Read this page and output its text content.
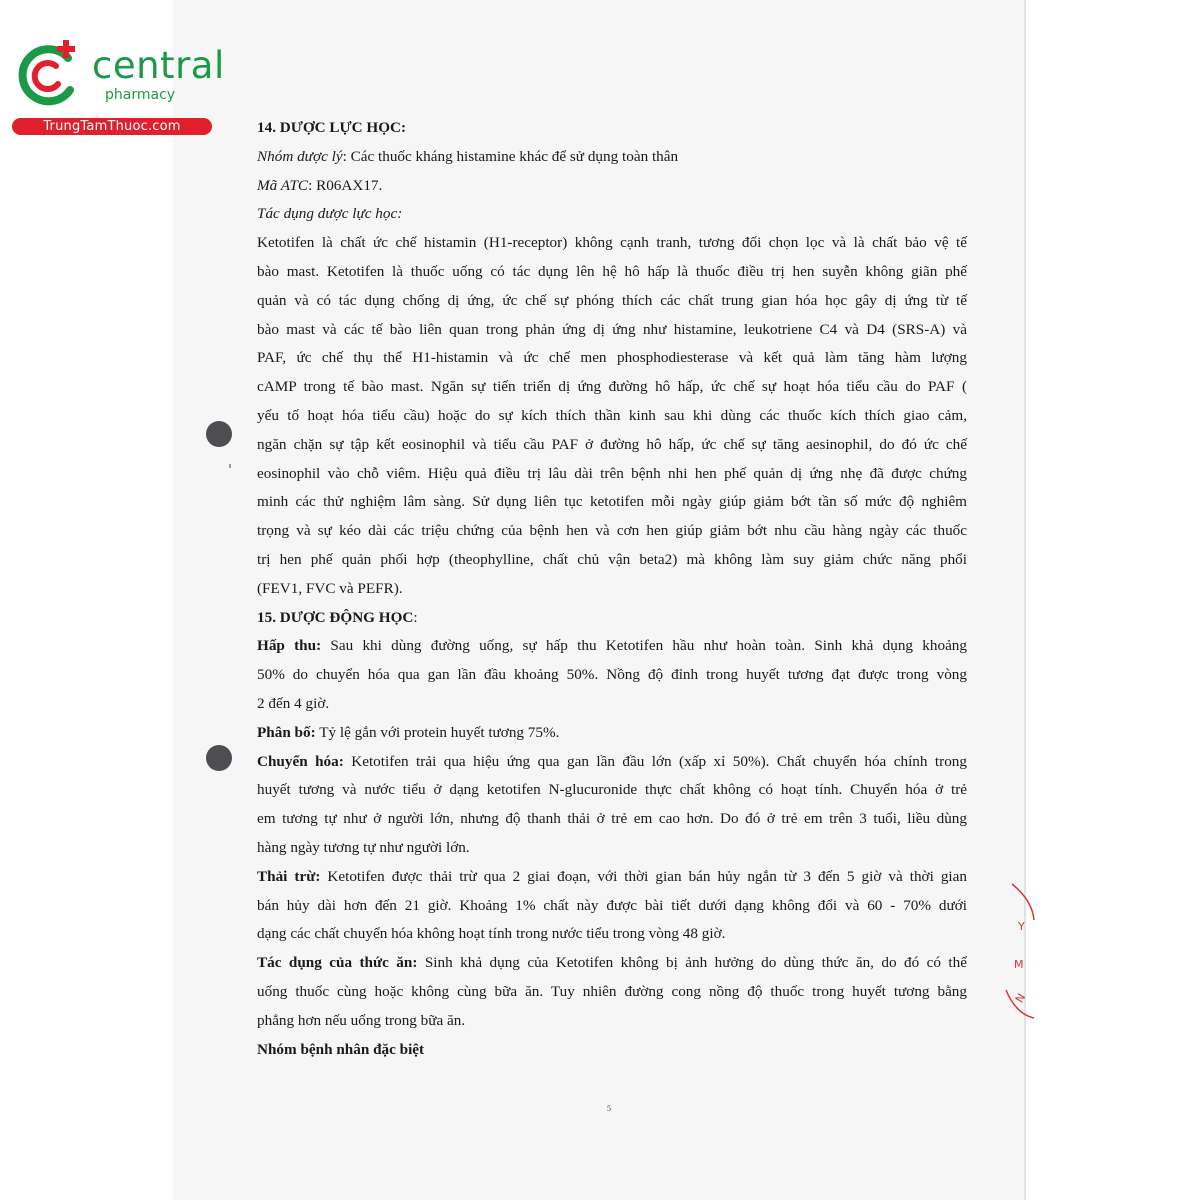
central
pharmacy
TrungTamThuoc.com	14. DƯỢC LỰC HỌC:

Nhóm dược lý: Các thuốc kháng histamine khác để sử dụng toàn thân

Mã ATC: R06AX17.

Tác dụng dược lực học:

Ketotifen là chất ức chế histamin (H1-receptor) không cạnh tranh, tương đối chọn lọc và là chất bảo vệ tế

bào mast. Ketotifen là thuốc uống có tác dụng lên hệ hô hấp là thuốc điều trị hen suyễn không giãn phế

quản và có tác dụng chống dị ứng, ức chế sự phóng thích các chất trung gian hóa học gây dị ứng từ tế

bào mast và các tế bào liên quan trong phản ứng dị ứng như histamine, leukotriene C4 và D4 (SRS-A) và

PAF, ức chế thụ thể H1-histamin và ức chế men phosphodiesterase và kết quả làm tăng hàm lượng

cAMP trong tế bào mast. Ngăn sự tiến triển dị ứng đường hô hấp, ức chế sự hoạt hóa tiểu cầu do PAF (

yếu tố hoạt hóa tiểu cầu) hoặc do sự kích thích thần kinh sau khi dùng các thuốc kích thích giao cảm,

ngăn chặn sự tập kết eosinophil và tiểu cầu PAF ở đường hô hấp, ức chế sự tăng aesinophil, do đó ức chế

eosinophil vào chỗ viêm. Hiệu quả điều trị lâu dài trên bệnh nhi hen phế quản dị ứng nhẹ đã được chứng

minh các thử nghiệm lâm sàng. Sử dụng liên tục ketotifen mỗi ngày giúp giảm bớt tần số mức độ nghiêm

trọng và sự kéo dài các triệu chứng của bệnh hen và cơn hen giúp giảm bớt nhu cầu hàng ngày các thuốc

trị hen phế quản phối hợp (theophylline, chất chủ vận beta2) mà không làm suy giảm chức năng phổi

(FEV1, FVC và PEFR).

15. DƯỢC ĐỘNG HỌC:

Hấp thu: Sau khi dùng đường uống, sự hấp thu Ketotifen hầu như hoàn toàn. Sinh khả dụng khoảng

50% do chuyển hóa qua gan lần đầu khoảng 50%. Nồng độ đỉnh trong huyết tương đạt được trong vòng

2 đến 4 giờ.

Phân bố: Tỷ lệ gắn với protein huyết tương 75%.

Chuyển hóa: Ketotifen trải qua hiệu ứng qua gan lần đầu lớn (xấp xỉ 50%). Chất chuyển hóa chính trong

huyết tương và nước tiểu ở dạng ketotifen N-glucuronide thực chất không có hoạt tính. Chuyển hóa ở trẻ

em tương tự như ở người lớn, nhưng độ thanh thải ở trẻ em cao hơn. Do đó ở trẻ em trên 3 tuổi, liều dùng

hàng ngày tương tự như người lớn.

Thải trừ: Ketotifen được thải trừ qua 2 giai đoạn, với thời gian bán hủy ngắn từ 3 đến 5 giờ và thời gian

bán hủy dài hơn đến 21 giờ. Khoảng 1% chất này được bài tiết dưới dạng không đổi và 60 - 70% dưới

dạng các chất chuyển hóa không hoạt tính trong nước tiểu trong vòng 48 giờ.

Tác dụng của thức ăn: Sinh khả dụng của Ketotifen không bị ảnh hưởng do dùng thức ăn, do đó có thể

uống thuốc cùng hoặc không cùng bữa ăn. Tuy nhiên đường cong nồng độ thuốc trong huyết tương bằng

phẳng hơn nếu uống trong bữa ăn.

Nhóm bệnh nhân đặc biệt

5
Y
M
N
